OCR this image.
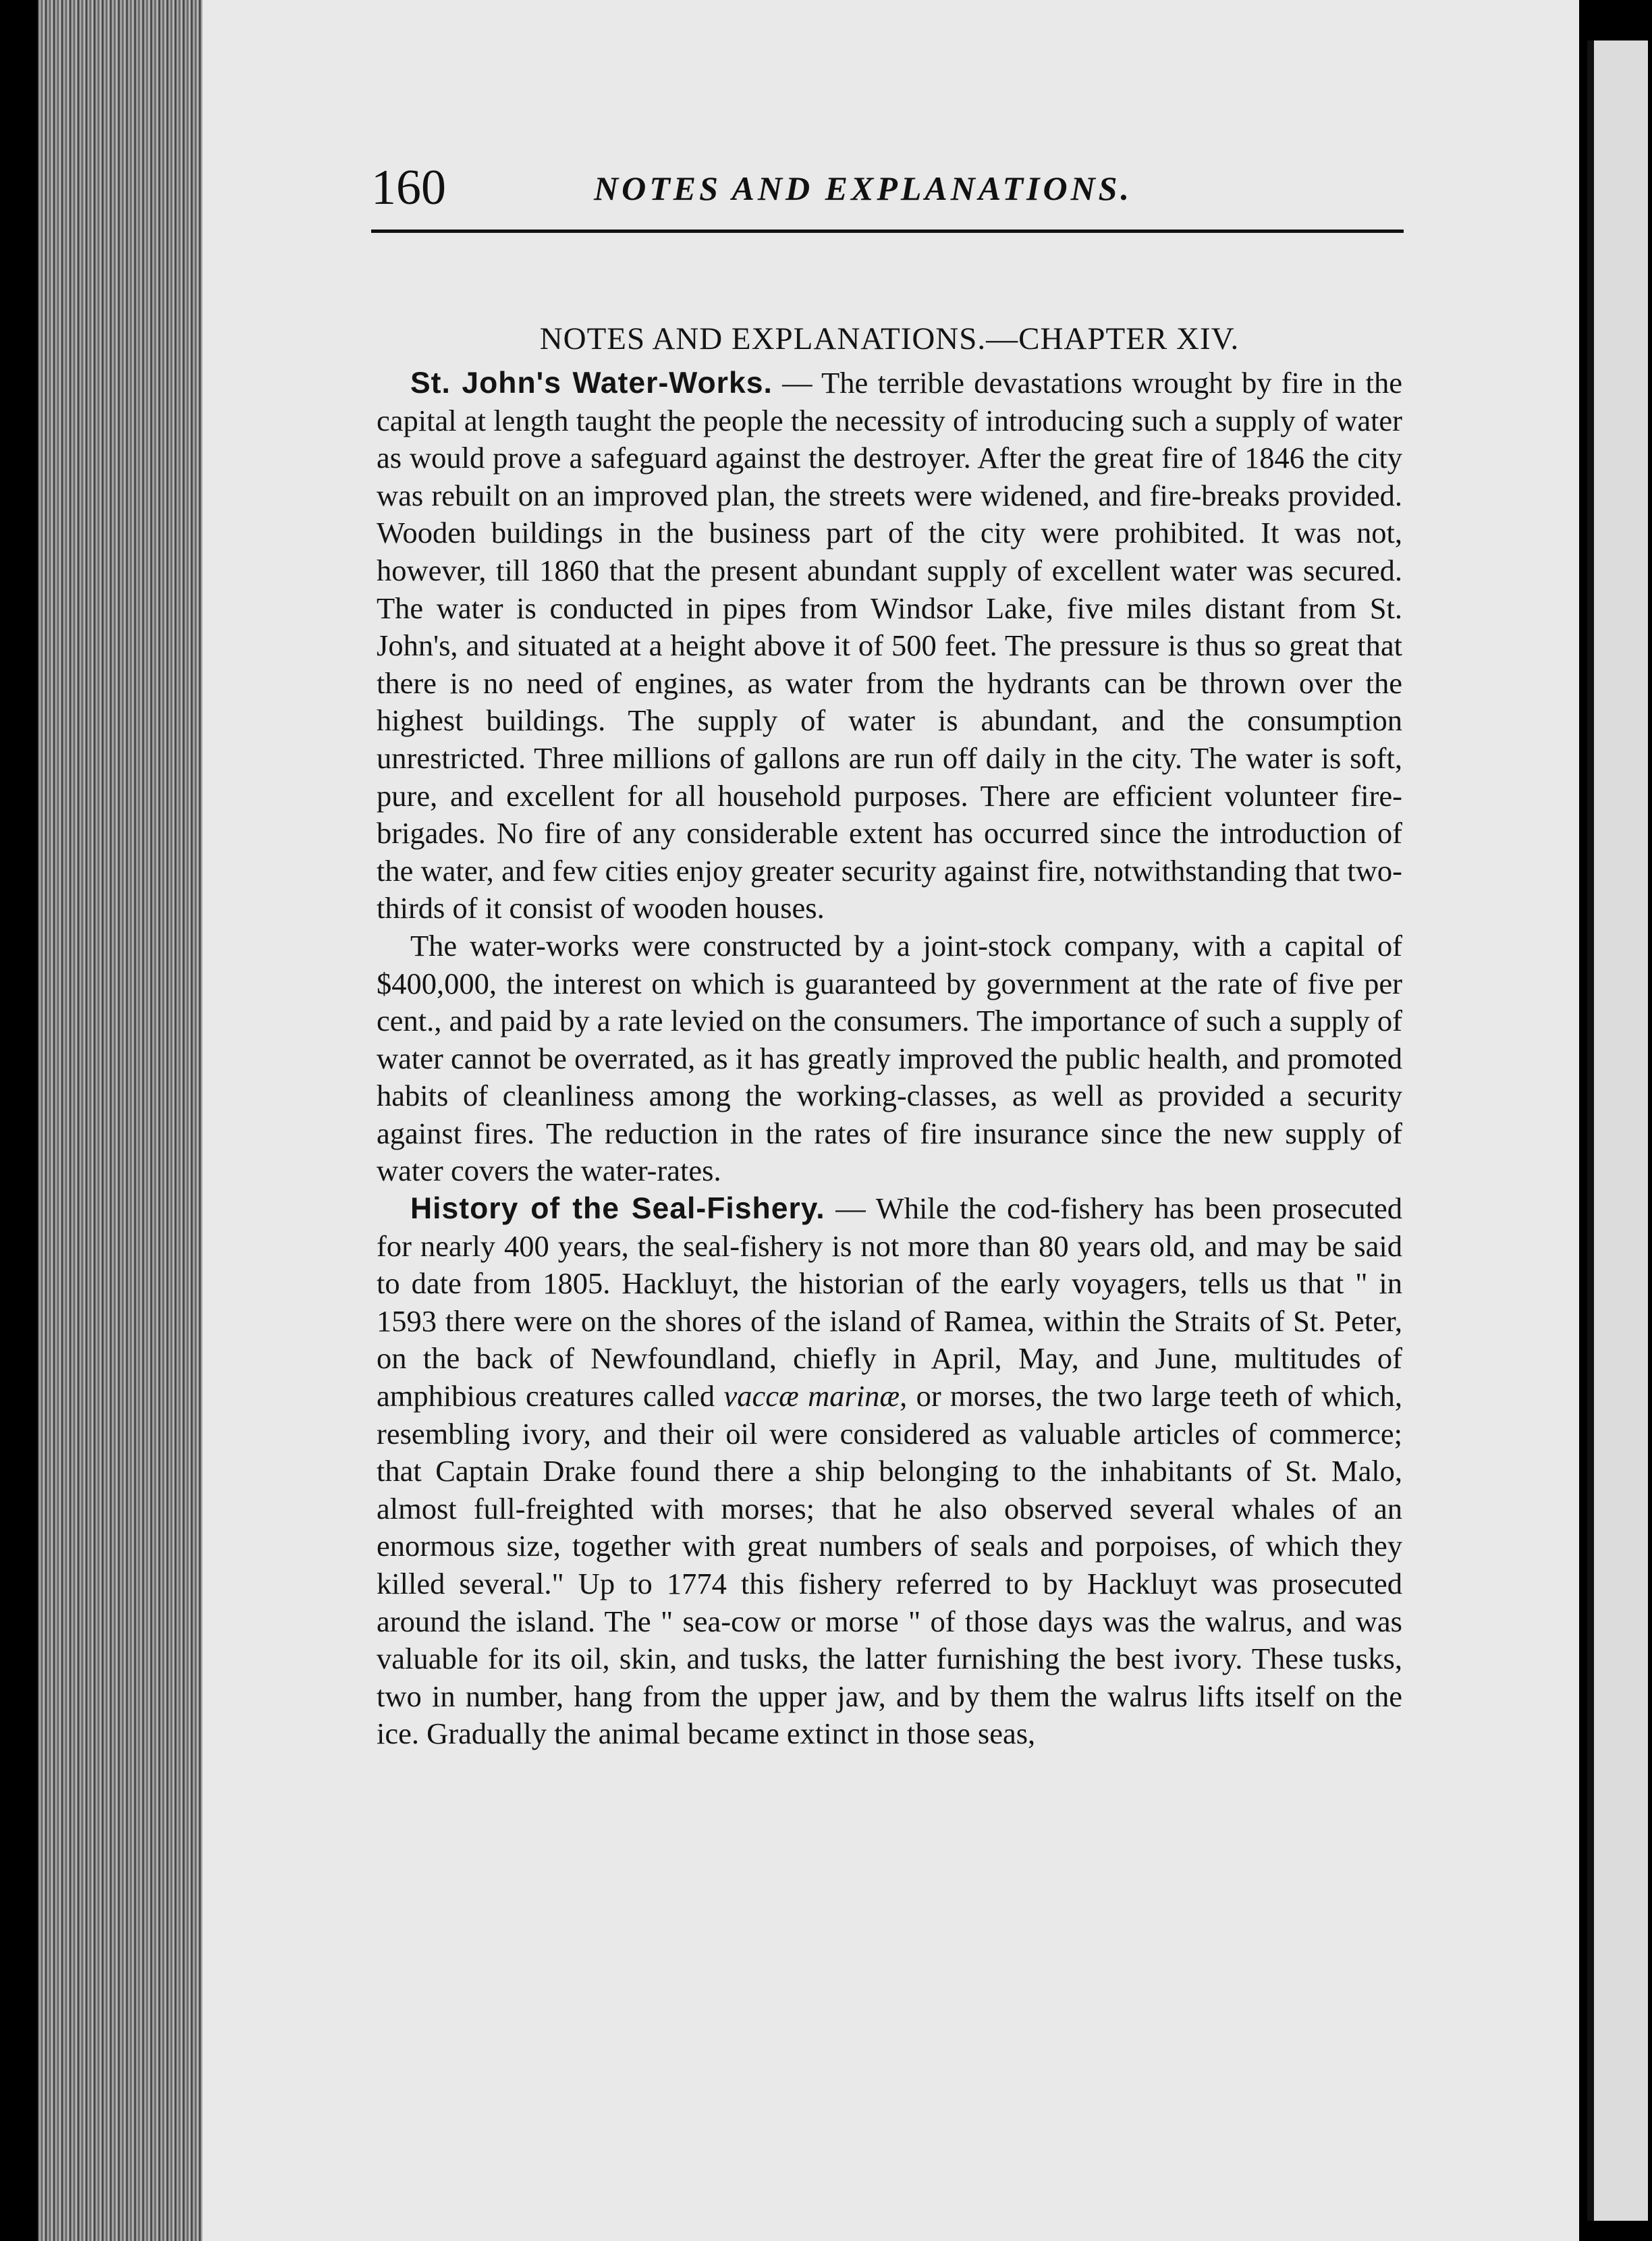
160	NOTES AND EXPLANATIONS.
NOTES AND EXPLANATIONS.—CHAPTER XIV.

St. John's Water-Works. — The terrible devastations wrought by fire in the capital at length taught the people the necessity of introducing such a supply of water as would prove a safeguard against the destroyer. After the great fire of 1846 the city was rebuilt on an improved plan, the streets were widened, and fire-breaks provided. Wooden buildings in the business part of the city were prohibited. It was not, however, till 1860 that the present abundant supply of excellent water was secured. The water is conducted in pipes from Windsor Lake, five miles distant from St. John's, and situated at a height above it of 500 feet. The pressure is thus so great that there is no need of engines, as water from the hydrants can be thrown over the highest buildings. The supply of water is abundant, and the consumption unrestricted. Three millions of gallons are run off daily in the city. The water is soft, pure, and excellent for all household purposes. There are efficient volunteer fire-brigades. No fire of any considerable extent has occurred since the introduction of the water, and few cities enjoy greater security against fire, notwithstanding that two-thirds of it consist of wooden houses.

The water-works were constructed by a joint-stock company, with a capital of $400,000, the interest on which is guaranteed by government at the rate of five per cent., and paid by a rate levied on the consumers. The importance of such a supply of water cannot be overrated, as it has greatly improved the public health, and promoted habits of cleanliness among the working-classes, as well as provided a security against fires. The reduction in the rates of fire insurance since the new supply of water covers the water-rates.

History of the Seal-Fishery. — While the cod-fishery has been prosecuted for nearly 400 years, the seal-fishery is not more than 80 years old, and may be said to date from 1805. Hackluyt, the historian of the early voyagers, tells us that " in 1593 there were on the shores of the island of Ramea, within the Straits of St. Peter, on the back of Newfoundland, chiefly in April, May, and June, multitudes of amphibious creatures called vaccæ marinæ, or morses, the two large teeth of which, resembling ivory, and their oil were considered as valuable articles of commerce; that Captain Drake found there a ship belonging to the inhabitants of St. Malo, almost full-freighted with morses; that he also observed several whales of an enormous size, together with great numbers of seals and porpoises, of which they killed several." Up to 1774 this fishery referred to by Hackluyt was prosecuted around the island. The " sea-cow or morse " of those days was the walrus, and was valuable for its oil, skin, and tusks, the latter furnishing the best ivory. These tusks, two in number, hang from the upper jaw, and by them the walrus lifts itself on the ice. Gradually the animal became extinct in those seas,
